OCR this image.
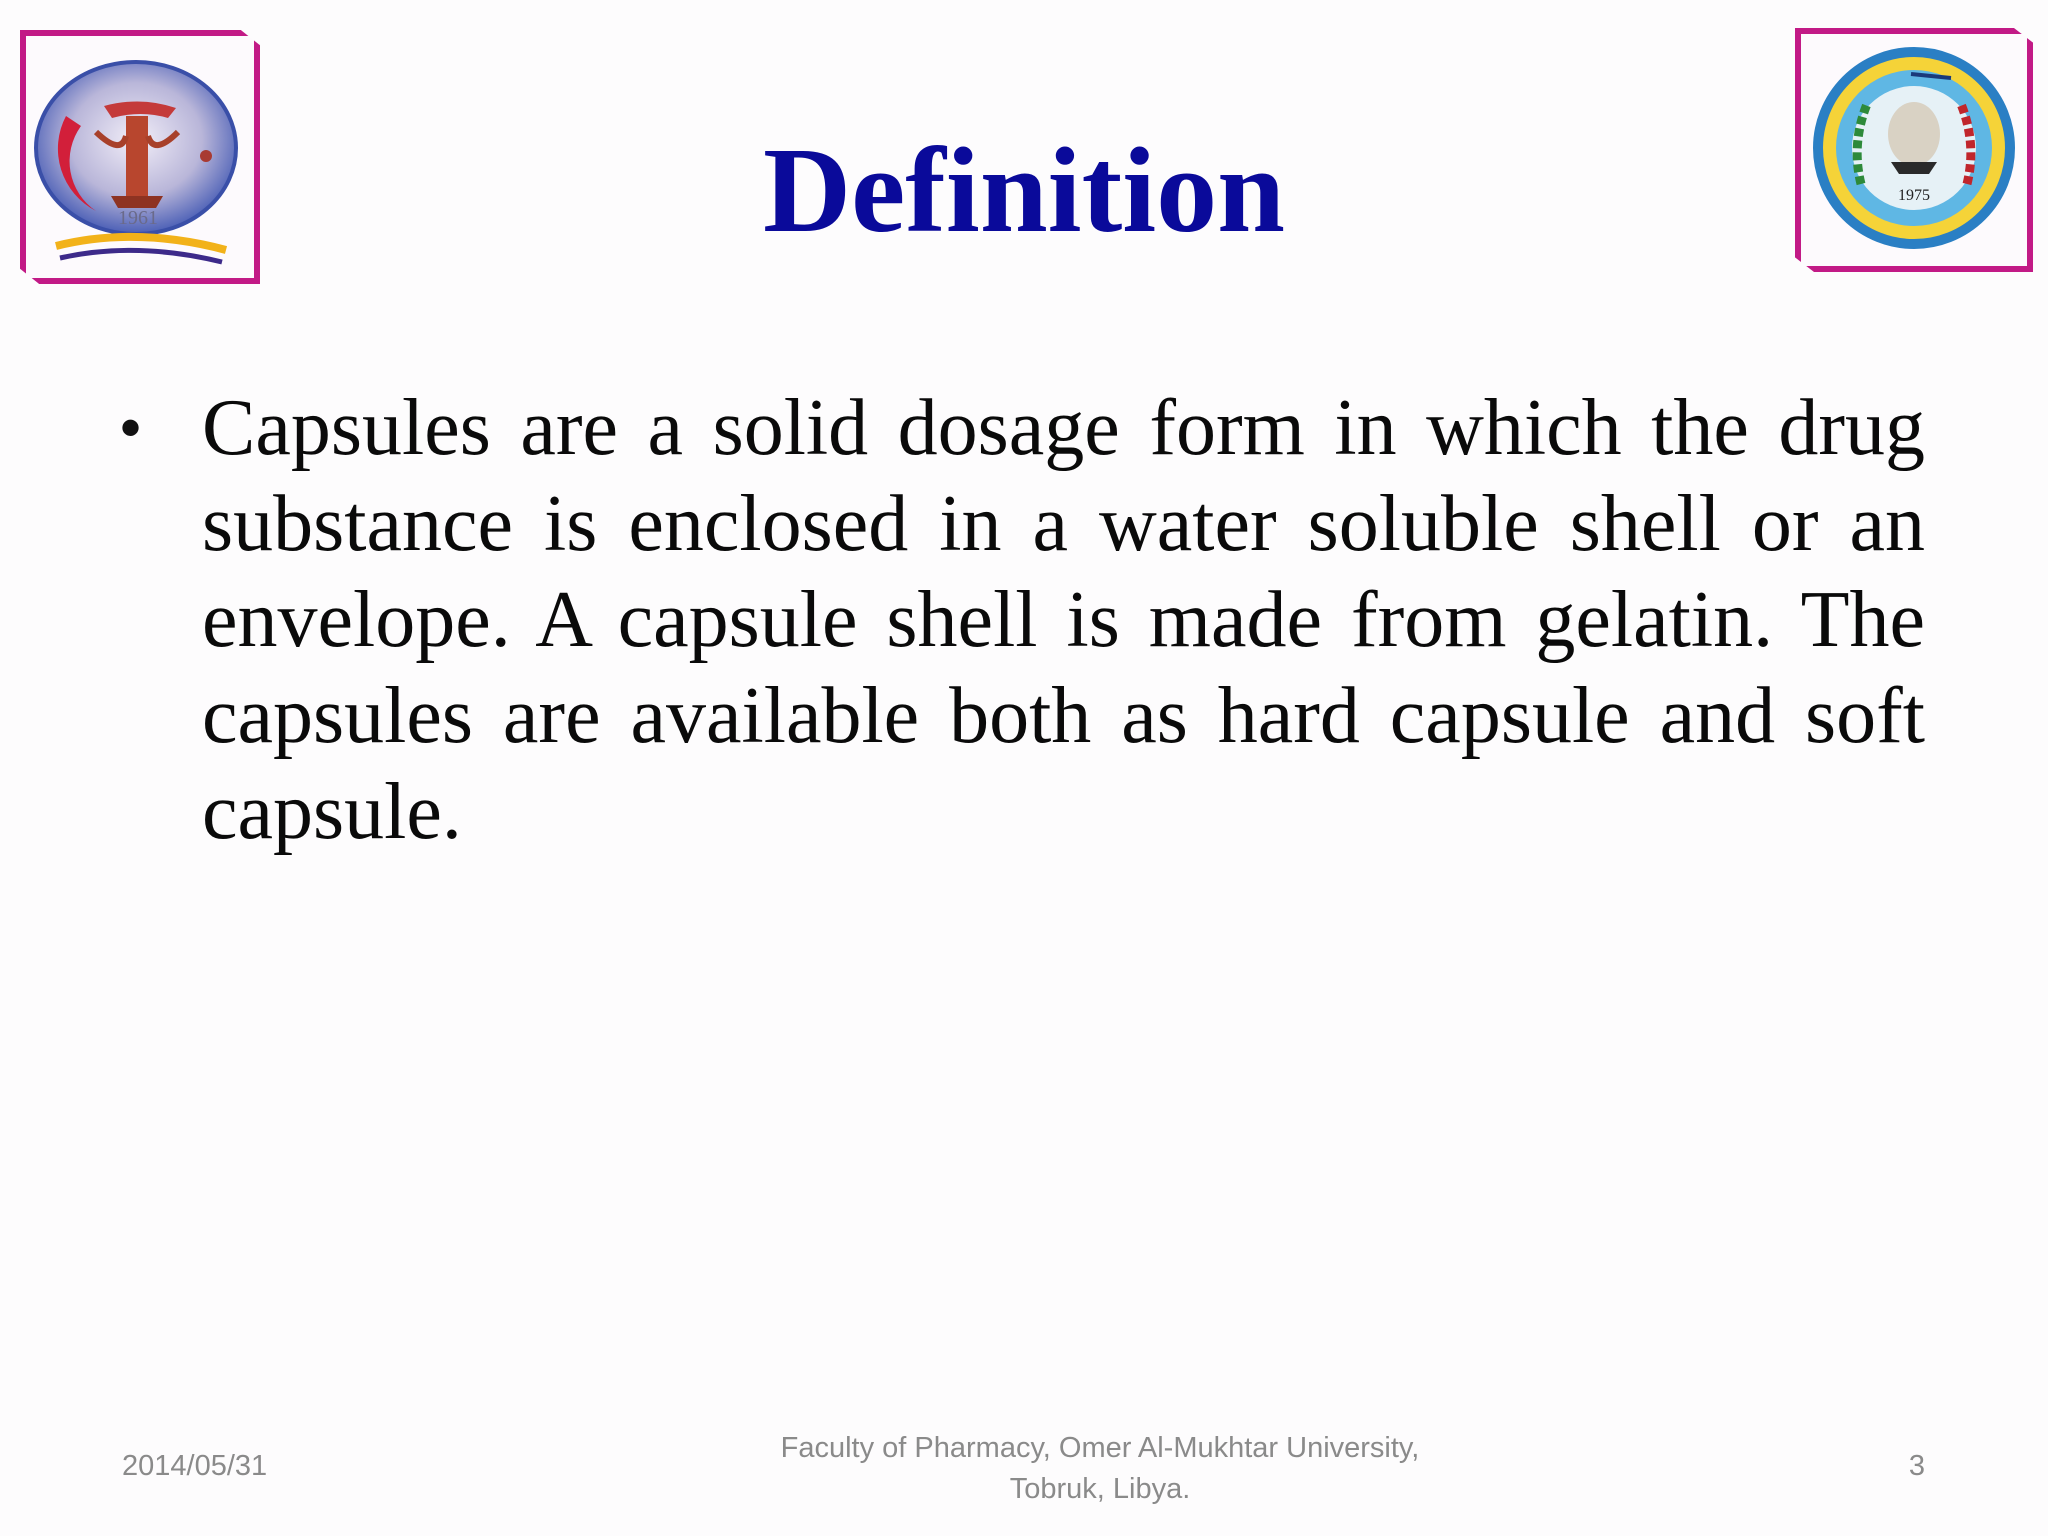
1961
1975
Definition
• Capsules are a solid dosage form in which the drug substance is enclosed in a water soluble shell or an envelope. A capsule shell is made from gelatin. The capsules are available both as hard capsule and soft capsule.

2014/05/31
Faculty of Pharmacy, Omer Al-Mukhtar University,
Tobruk, Libya.
3
